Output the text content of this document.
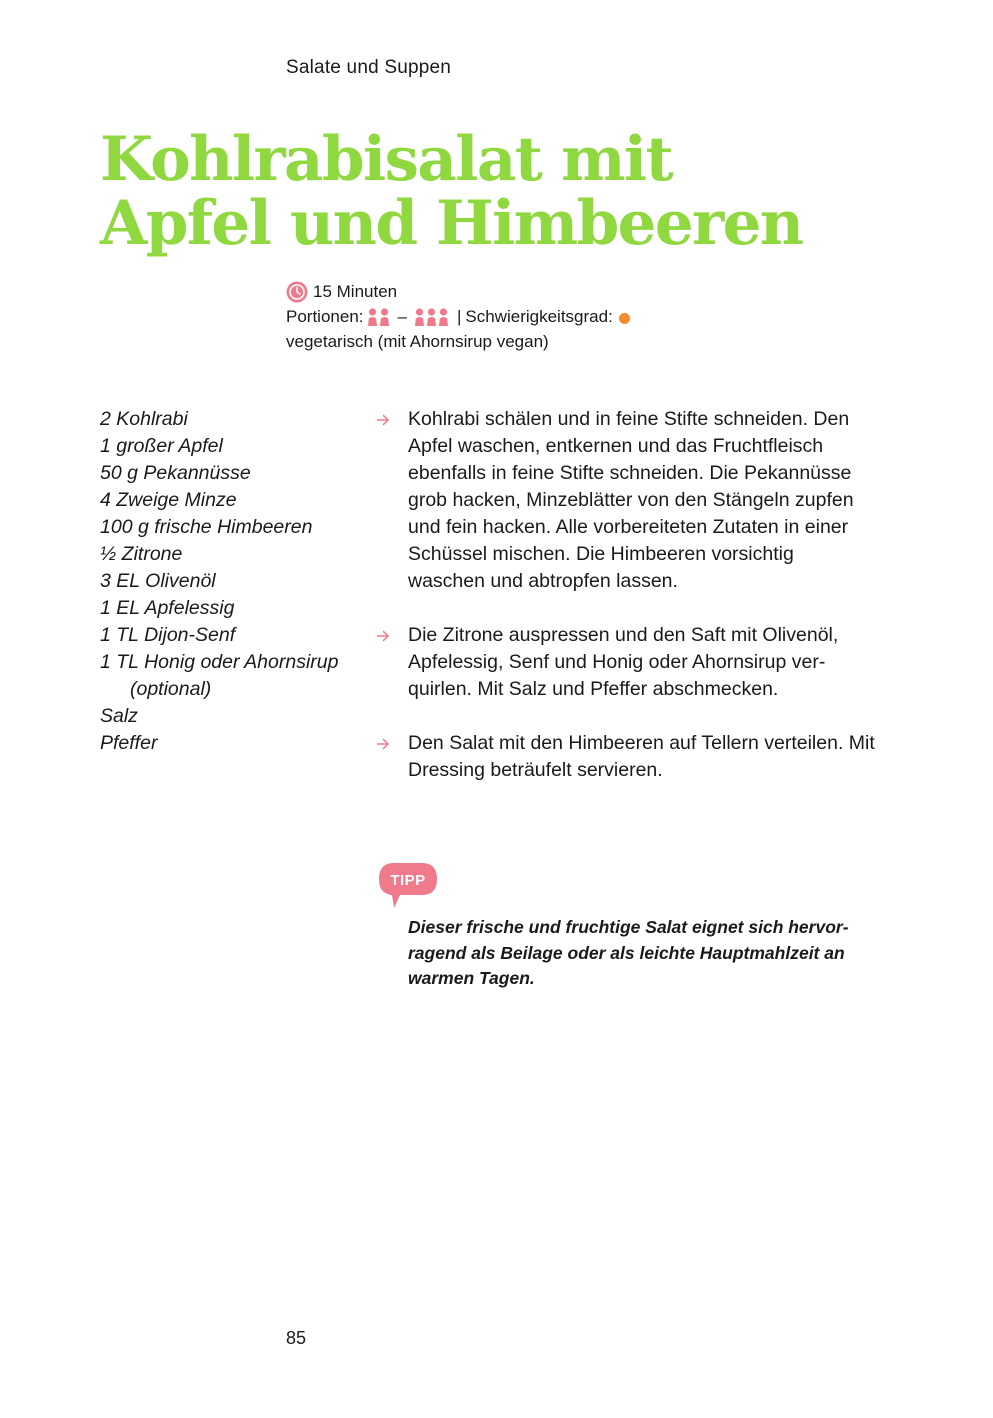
Salate und Suppen
Kohlrabisalat mit
Apfel und Himbeeren
15 Minuten
Portionen: –	| Schwierigkeitsgrad:
vegetarisch (mit Ahornsirup vegan)
2 Kohlrabi
1 großer Apfel
50 g Pekannüsse
4 Zweige Minze
100 g frische Himbeeren
½ Zitrone
3 EL Olivenöl
1 EL Apfelessig
1 TL Dijon-Senf
1 TL Honig oder Ahornsirup
(optional)
Salz
Pfeffer
Kohlrabi schälen und in feine Stifte schneiden. Den Apfel waschen, entkernen und das Fruchtfleisch ebenfalls in feine Stifte schneiden. Die Pekannüsse grob hacken, Minzeblätter von den Stängeln zupfen und fein hacken. Alle vorbereiteten Zutaten in einer Schüssel mischen. Die Himbeeren vorsichtig waschen und abtropfen lassen.
Die Zitrone auspressen und den Saft mit Olivenöl, Apfelessig, Senf und Honig oder Ahornsirup verquirlen. Mit Salz und Pfeffer abschmecken.
Den Salat mit den Himbeeren auf Tellern verteilen. Mit Dressing beträufelt servieren.
TIPP
Dieser frische und fruchtige Salat eignet sich hervorragend als Beilage oder als leichte Hauptmahlzeit an warmen Tagen.
85
